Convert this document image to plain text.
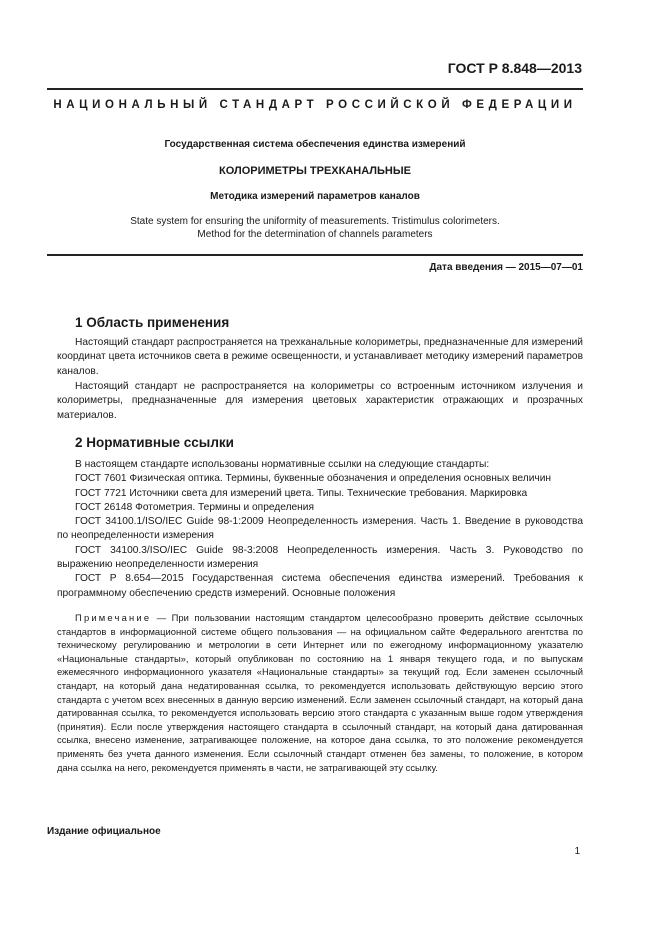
ГОСТ Р 8.848—2013
НАЦИОНАЛЬНЫЙ СТАНДАРТ РОССИЙСКОЙ ФЕДЕРАЦИИ
Государственная система обеспечения единства измерений
КОЛОРИМЕТРЫ ТРЕХКАНАЛЬНЫЕ
Методика измерений параметров каналов
State system for ensuring the uniformity of measurements. Tristimulus colorimeters.
Method for the determination of channels parameters
Дата введения — 2015—07—01
1 Область применения
Настоящий стандарт распространяется на трехканальные колориметры, предназначенные для измерений координат цвета источников света в режиме освещенности, и устанавливает методику измерений параметров каналов.
Настоящий стандарт не распространяется на колориметры со встроенным источником излучения и колориметры, предназначенные для измерения цветовых характеристик отражающих и прозрачных материалов.
2 Нормативные ссылки

В настоящем стандарте использованы нормативные ссылки на следующие стандарты:

ГОСТ 7601 Физическая оптика. Термины, буквенные обозначения и определения основных величин

ГОСТ 7721 Источники света для измерений цвета. Типы. Технические требования. Маркировка

ГОСТ 26148 Фотометрия. Термины и определения

ГОСТ 34100.1/ISO/IEC Guide 98-1:2009 Неопределенность измерения. Часть 1. Введение в руководства по неопределенности измерения

ГОСТ 34100.3/ISO/IEC Guide 98-3:2008 Неопределенность измерения. Часть 3. Руководство по выражению неопределенности измерения

ГОСТ Р 8.654—2015 Государственная система обеспечения единства измерений. Требования к программному обеспечению средств измерений. Основные положения

Примечание — При пользовании настоящим стандартом целесообразно проверить действие ссылочных стандартов в информационной системе общего пользования — на официальном сайте Федерального агентства по техническому регулированию и метрологии в сети Интернет или по ежегодному информационному указателю «Национальные стандарты», который опубликован по состоянию на 1 января текущего года, и по выпускам ежемесячного информационного указателя «Национальные стандарты» за текущий год. Если заменен ссылочный стандарт, на который дана недатированная ссылка, то рекомендуется использовать действующую версию этого стандарта с учетом всех внесенных в данную версию изменений. Если заменен ссылочный стандарт, на который дана датированная ссылка, то рекомендуется использовать версию этого стандарта с указанным выше годом утверждения (принятия). Если после утверждения настоящего стандарта в ссылочный стандарт, на который дана датированная ссылка, внесено изменение, затрагивающее положение, на которое дана ссылка, то это положение рекомендуется применять без учета данного изменения. Если ссылочный стандарт отменен без замены, то положение, в котором дана ссылка на него, рекомендуется применять в части, не затрагивающей эту ссылку.
Издание официальное
1
